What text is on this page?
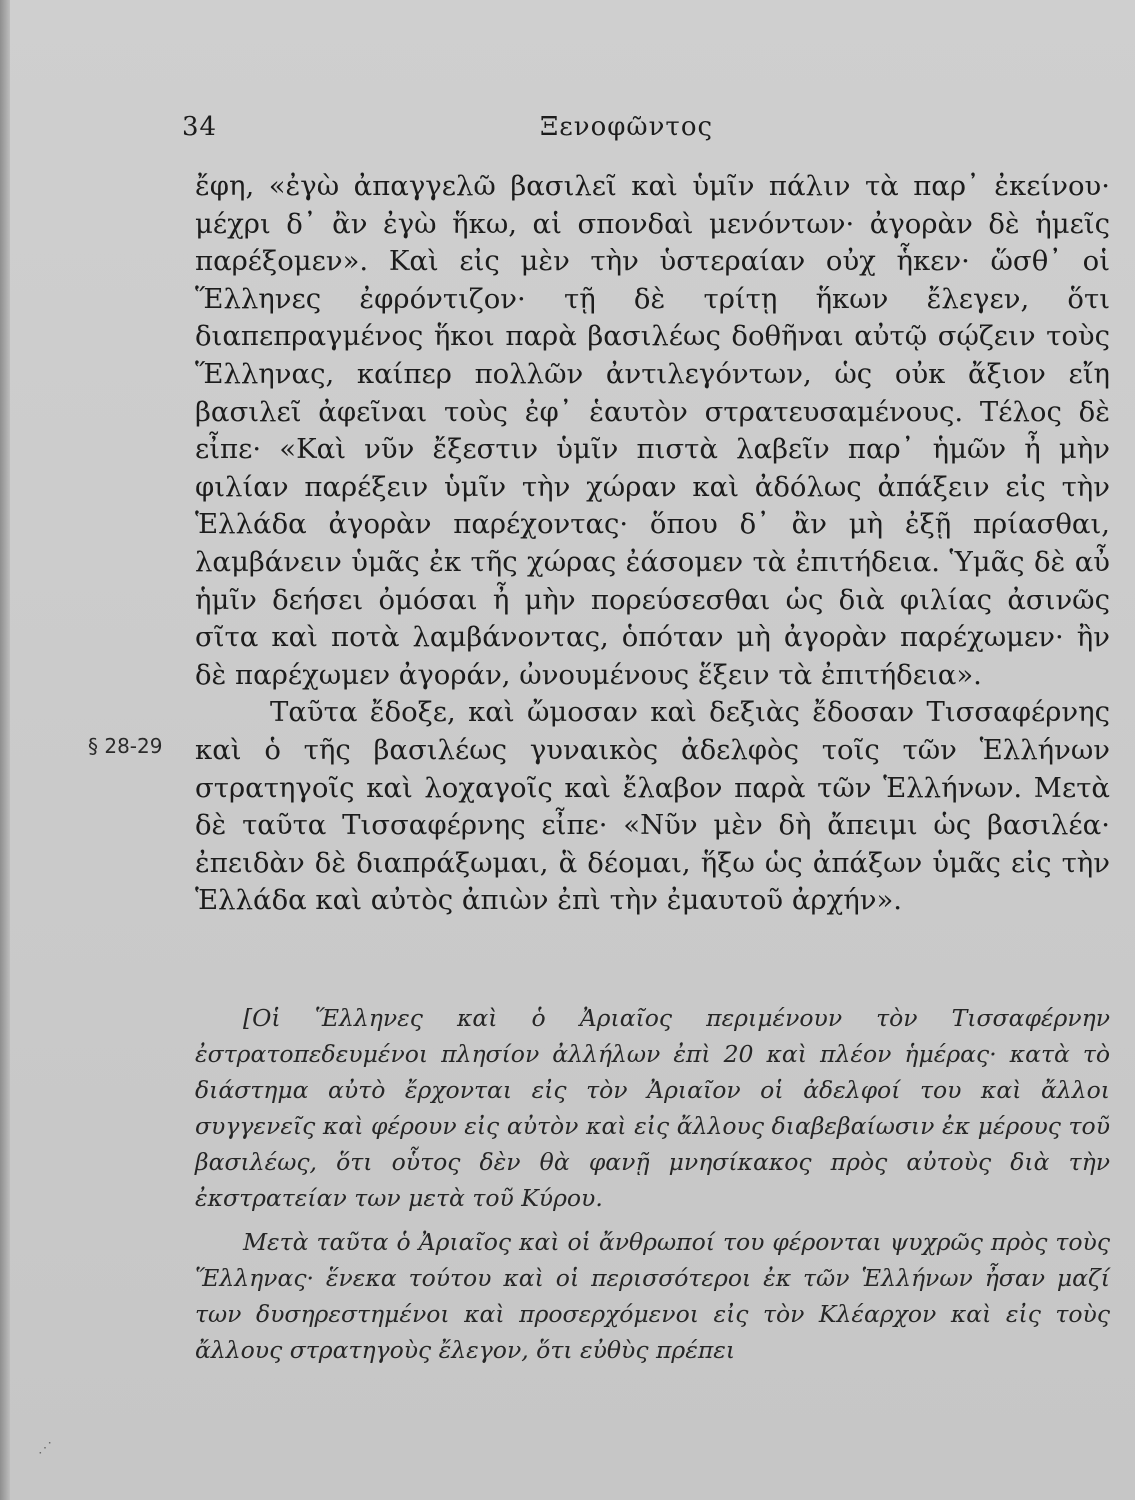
34	Ξενοφῶντος

ἔφη, «ἐγὼ ἀπαγγελῶ βασιλεῖ καὶ ὑμῖν πάλιν τὰ παρ᾿ ἐκείνου· μέχρι δ᾿ ἂν ἐγὼ ἥκω, αἱ σπονδαὶ μενόντων· ἀγορὰν δὲ ἡμεῖς παρέξομεν». Καὶ εἰς μὲν τὴν ὑστεραίαν οὐχ ἧκεν· ὥσθ᾿ οἱ Ἕλληνες ἐφρόντιζον· τῇ δὲ τρίτῃ ἥκων ἔλεγεν, ὅτι διαπεπραγμένος ἥκοι παρὰ βασιλέως δοθῆναι αὐτῷ σῴζειν τοὺς Ἕλληνας, καίπερ πολλῶν ἀντιλεγόντων, ὡς οὐκ ἄξιον εἴη βασιλεῖ ἀφεῖναι τοὺς ἐφ᾿ ἑαυτὸν στρατευσαμένους. Τέλος δὲ εἶπε· «Καὶ νῦν ἔξεστιν ὑμῖν πιστὰ λαβεῖν παρ᾿ ἡμῶν ἦ μὴν φιλίαν παρέξειν ὑμῖν τὴν χώραν καὶ ἀδόλως ἀπάξειν εἰς τὴν Ἑλλάδα ἀγορὰν παρέχοντας· ὅπου δ᾿ ἂν μὴ ἐξῇ πρίασθαι, λαμβάνειν ὑμᾶς ἐκ τῆς χώρας ἐάσομεν τὰ ἐπιτήδεια. Ὑμᾶς δὲ αὖ ἡμῖν δεήσει ὀμόσαι ἦ μὴν πορεύσεσθαι ὡς διὰ φιλίας ἀσινῶς σῖτα καὶ ποτὰ λαμβάνοντας, ὁπόταν μὴ ἀγορὰν παρέχωμεν· ἢν δὲ παρέχωμεν ἀγοράν, ὠνουμένους ἕξειν τὰ ἐπιτήδεια».

Ταῦτα ἔδοξε, καὶ ὤμοσαν καὶ δεξιὰς ἔδοσαν Τισσαφέρνης καὶ ὁ τῆς βασιλέως γυναικὸς ἀδελφὸς τοῖς τῶν Ἑλλήνων στρατηγοῖς καὶ λοχαγοῖς καὶ ἔλαβον παρὰ τῶν Ἑλλήνων. Μετὰ δὲ ταῦτα Τισσαφέρνης εἶπε· «Νῦν μὲν δὴ ἄπειμι ὡς βασιλέα· ἐπειδὰν δὲ διαπράξωμαι, ἃ δέομαι, ἥξω ὡς ἀπάξων ὑμᾶς εἰς τὴν Ἑλλάδα καὶ αὐτὸς ἀπιὼν ἐπὶ τὴν ἐμαυτοῦ ἀρχήν».

§ 28-29

[Οἱ Ἕλληνες καὶ ὁ Ἀριαῖος περιμένουν τὸν Τισσαφέρνην ἐστρατοπεδευμένοι πλησίον ἀλλήλων ἐπὶ 20 καὶ πλέον ἡμέρας· κατὰ τὸ διάστημα αὐτὸ ἔρχονται εἰς τὸν Ἀριαῖον οἱ ἀδελφοί του καὶ ἄλλοι συγγενεῖς καὶ φέρουν εἰς αὐτὸν καὶ εἰς ἄλλους διαβεβαίωσιν ἐκ μέρους τοῦ βασιλέως, ὅτι οὗτος δὲν θὰ φανῇ μνησίκακος πρὸς αὐτοὺς διὰ τὴν ἐκστρατείαν των μετὰ τοῦ Κύρου.

Μετὰ ταῦτα ὁ Ἀριαῖος καὶ οἱ ἄνθρωποί του φέρονται ψυχρῶς πρὸς τοὺς Ἕλληνας· ἕνεκα τούτου καὶ οἱ περισσότεροι ἐκ τῶν Ἑλλήνων ἦσαν μαζί των δυσηρεστημένοι καὶ προσερχόμενοι εἰς τὸν Κλέαρχον καὶ εἰς τοὺς ἄλλους στρατηγοὺς ἔλεγον, ὅτι εὐθὺς πρέπει

⋰
